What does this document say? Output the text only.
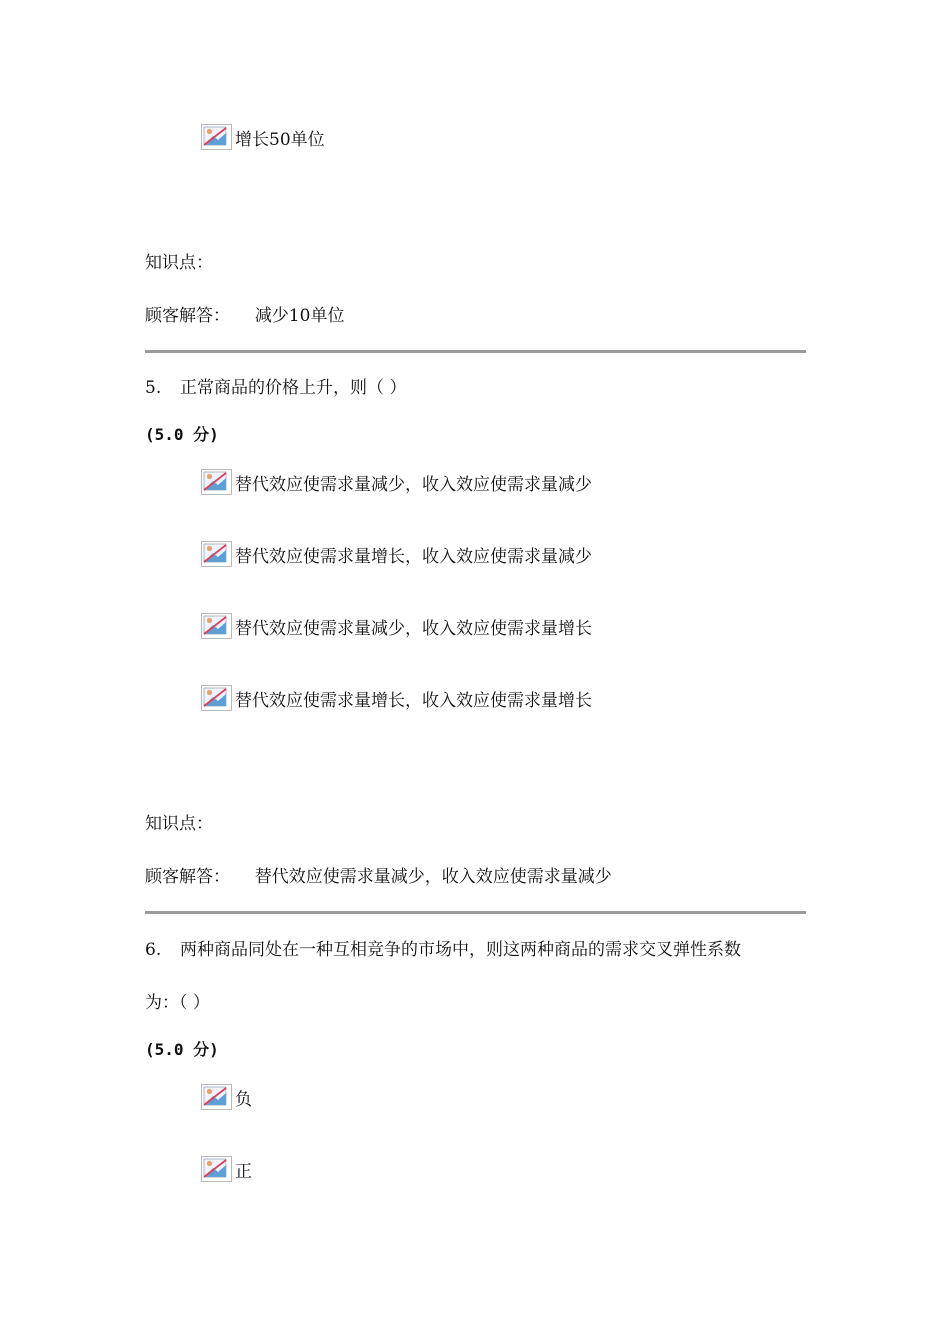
增长50单位
知识点：
顾客解答： 减少10单位
5. 正常商品的价格上升，则（ ）
(5.0 分)
替代效应使需求量减少，收入效应使需求量减少
替代效应使需求量增长，收入效应使需求量减少
替代效应使需求量减少，收入效应使需求量增长
替代效应使需求量增长，收入效应使需求量增长
知识点：
顾客解答： 替代效应使需求量减少，收入效应使需求量减少
6. 两种商品同处在一种互相竞争的市场中，则这两种商品的需求交叉弹性系数
为：（ ）
(5.0 分)
负
正
